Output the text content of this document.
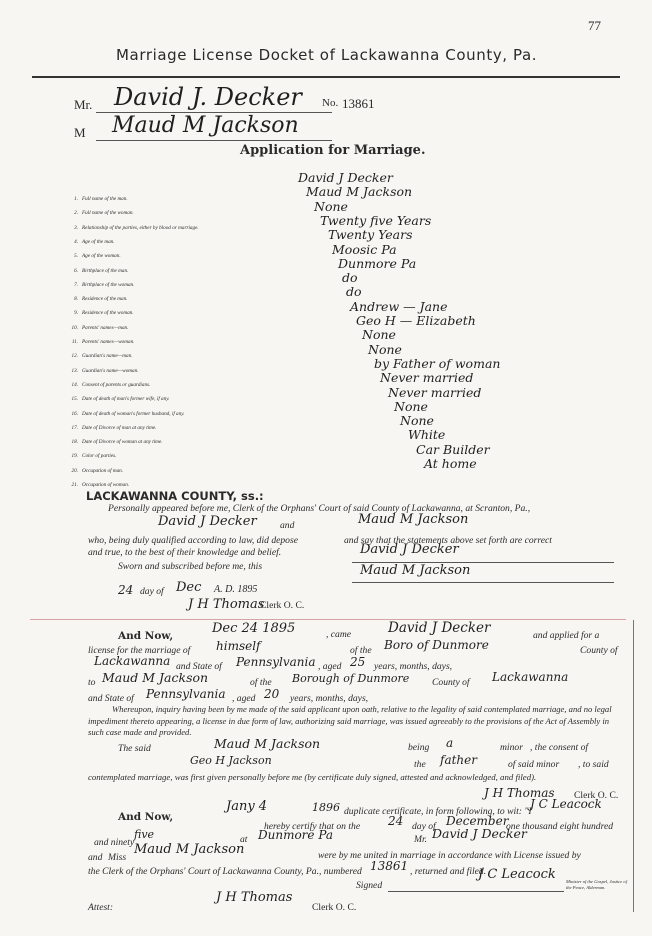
77
Marriage License Docket of Lackawanna County, Pa.
Mr. David J. Decker No. 13861
M Maud M Jackson
Application for Marriage.
1. Full name of the man.
David J Decker
2. Full name of the woman.
Maud M Jackson
3. Relationship of the parties, either by blood or marriage.
None
4. Age of the man.
Twenty five Years
5. Age of the woman.
Twenty Years
6. Birthplace of the man.
Moosic Pa
7. Birthplace of the woman.
Dunmore Pa
8. Residence of the man.
do
9. Residence of the woman.
do
10. Parents' names—man.
Andrew — Jane
11. Parents' names—woman.
Geo H — Elizabeth
12. Guardian's name—man.
None
13. Guardian's name—woman.
None
14. Consent of parents or guardians.
by Father of woman
15. Date of death of man's former wife, if any.
Never married
16. Date of death of woman's former husband, if any.
Never married
17. Date of Divorce of man at any time.
None
18. Date of Divorce of woman at any time.
None
19. Color of parties.
White
20. Occupation of man.
Car Builder
21. Occupation of woman.
At home
LACKAWANNA COUNTY, ss.:
Personally appeared before me, Clerk of the Orphans' Court of said County of Lackawanna, at Scranton, Pa.,
David J Decker and	Maud M Jackson
who, being duly qualified according to law, did depose	and say that the statements above set forth are correct
and true, to the best of their knowledge and belief.	David J Decker
Sworn and subscribed before me, this	Maud M Jackson
24 day of Dec A. D. 1895
J H Thomas
Clerk O. C.
And Now,	Dec 24 1895	, came	David J Decker	and applied for a
license for the marriage of himself	of the Boro of Dunmore	County of
Lackawanna and State of Pennsylvania , aged 25 years, months, days,
to Maud M Jackson	of the Borough of Dunmore County of Lackawanna
and State of Pennsylvania , aged 20 years, months, days,
Whereupon, inquiry having been by me made of the said applicant upon oath, relative to the legality of said contemplated marriage, and no legal impediment thereto appearing, a license in due form of law, authorizing said marriage, was issued agreeably to the provisions of the Act of Assembly in such case made and provided.
The said	Maud M Jackson	being a	minor , the consent of
Geo H Jackson	the father	of said minor , to said
contemplated marriage, was first given personally before me (by certificate duly signed, attested and acknowledged, and filed).
J H Thomas Clerk O. C.
And Now,
Jany 4	1896 duplicate certificate, in form following, to wit: "I
J C Leacock
hereby certify that on the 24 day of December
one thousand eight hundred
and ninety
five	at Dunmore Pa	Mr. David J Decker
and Miss
Maud M Jackson	were by me united in marriage in accordance with License issued by
the Clerk of the Orphans' Court of Lackawanna County, Pa., numbered 13861 , returned and filed.
Signed
J C Leacock Minister of the Gospel, Justice of the Peace, Alderman.
Attest:
J H Thomas
Clerk O. C.
